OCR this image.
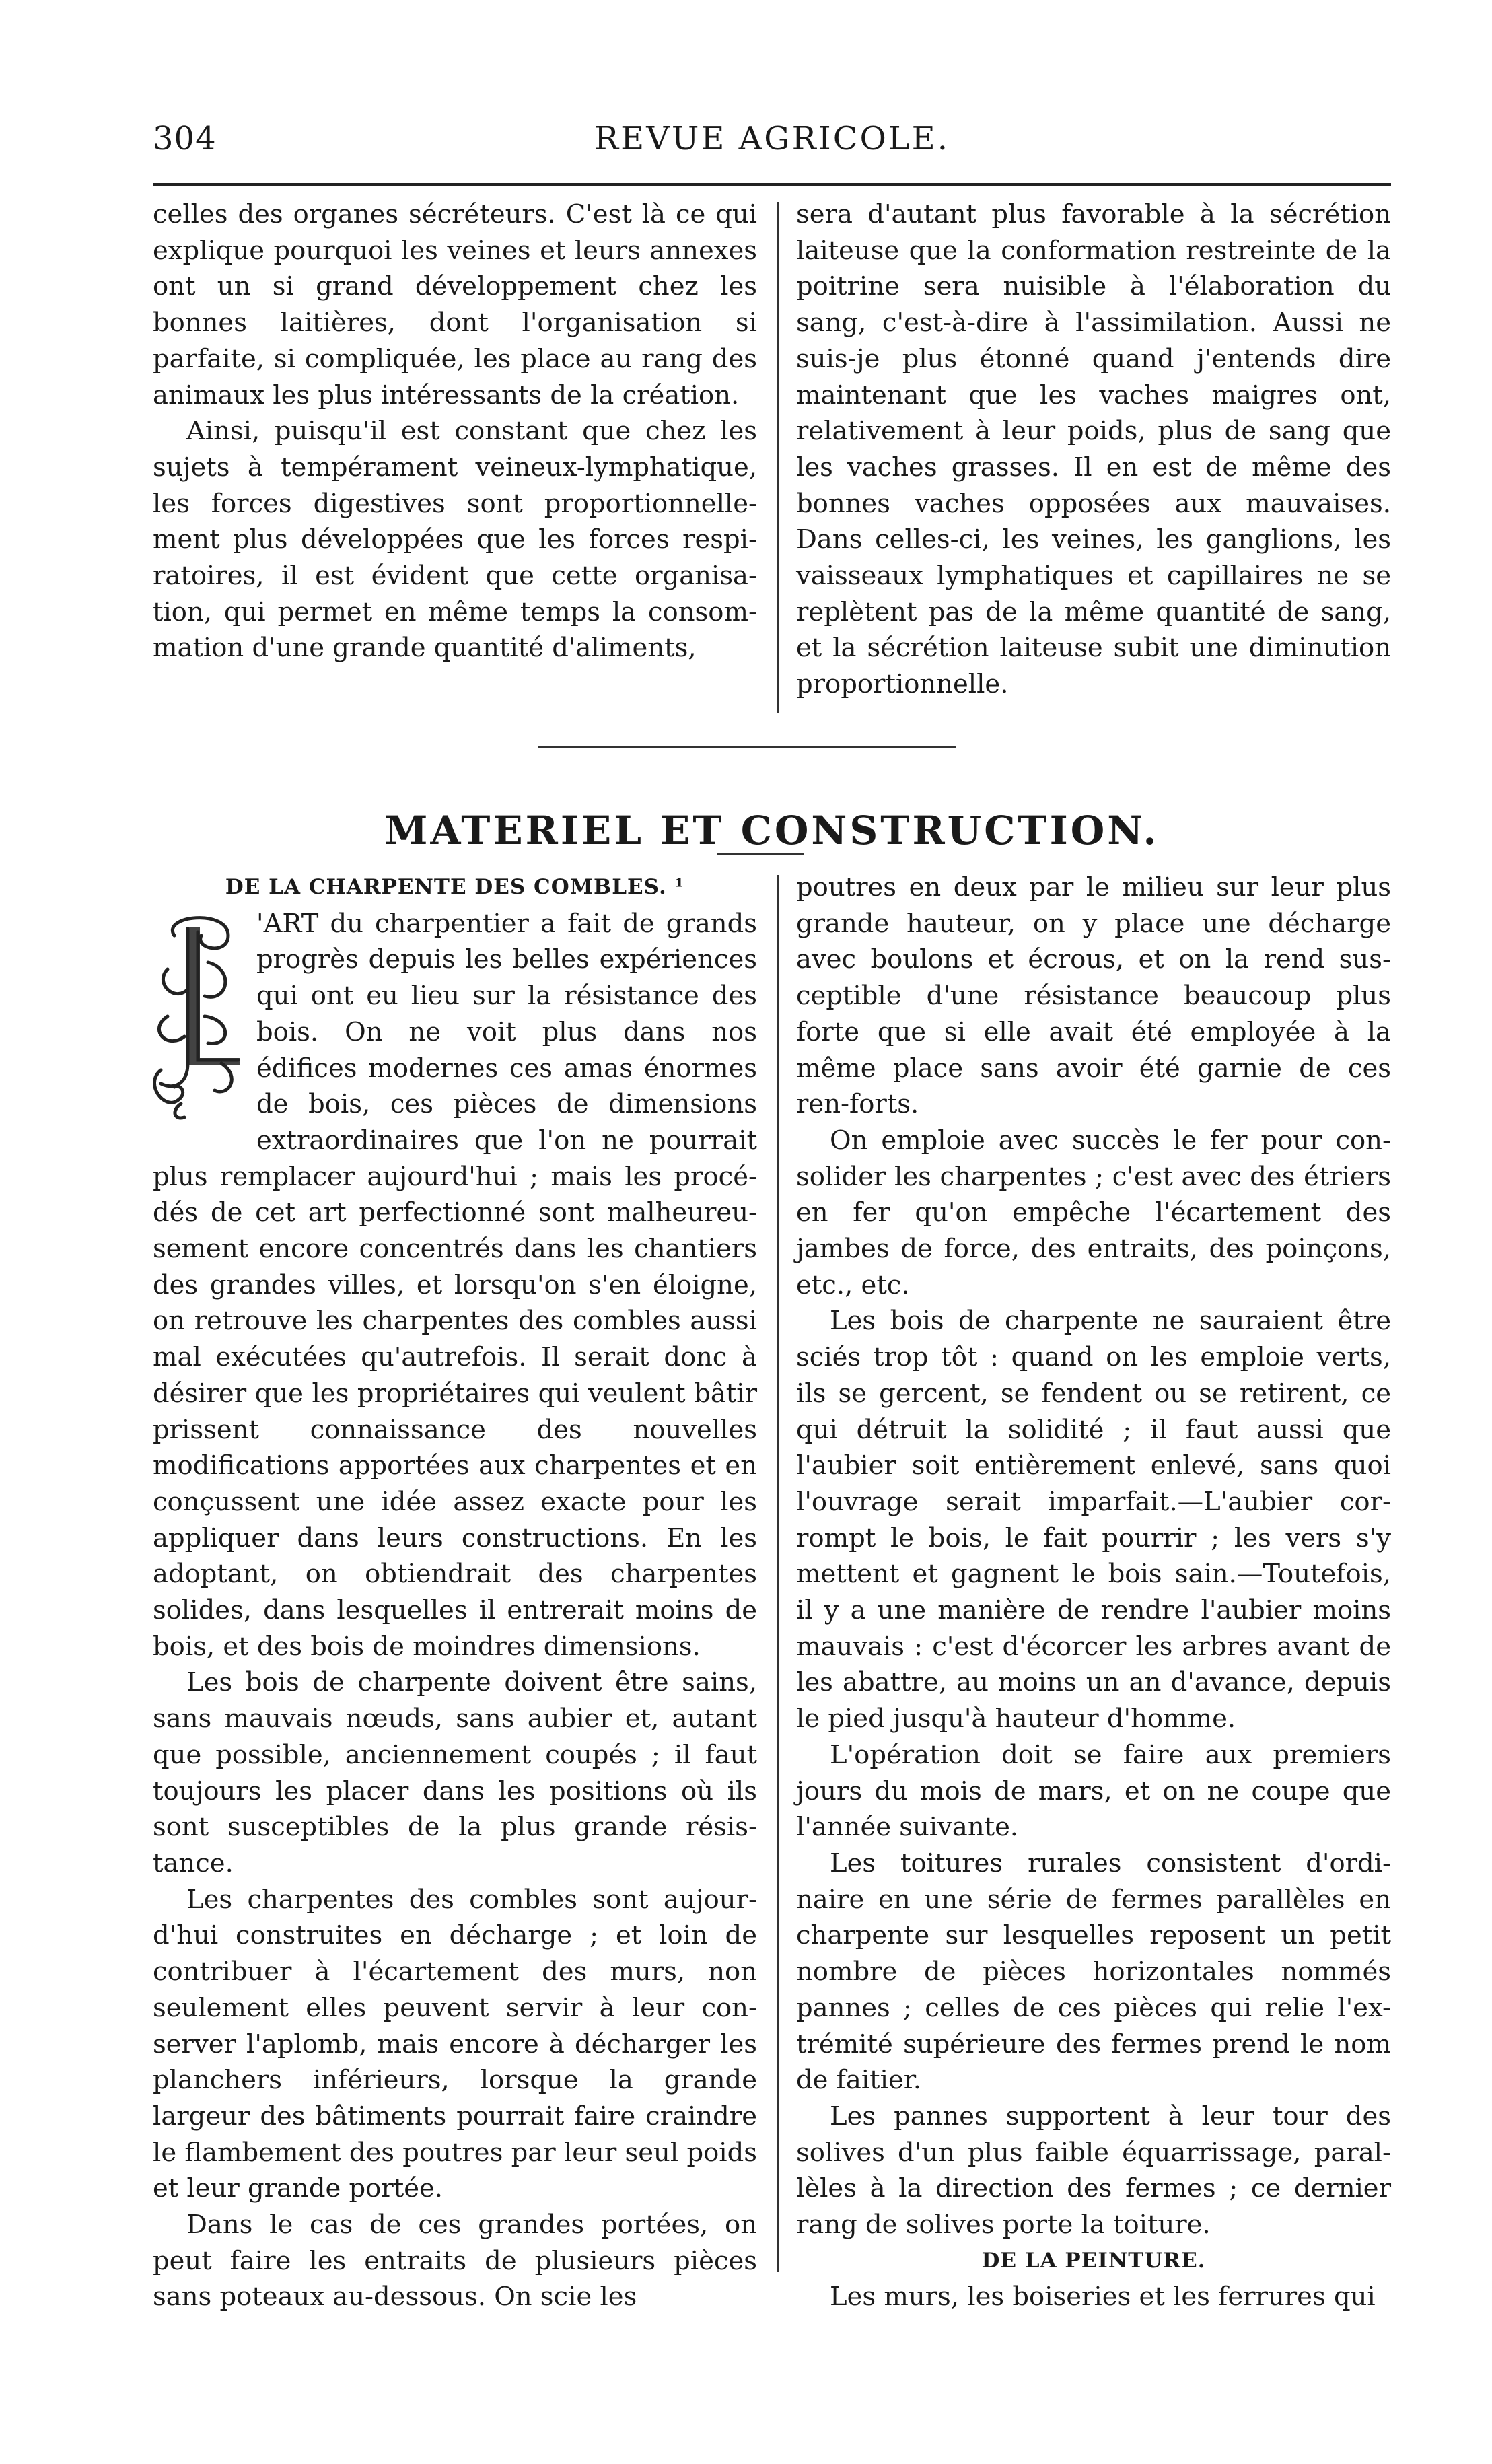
304	REVUE AGRICOLE.

celles des organes sécréteurs. C'est là ce qui explique pourquoi les veines et leurs annexes ont un si grand développement chez les bonnes laitières, dont l'organisation si parfaite, si compliquée, les place au rang des animaux les plus intéressants de la création.

Ainsi, puisqu'il est constant que chez les sujets à tempérament veineux-lymphatique, les forces digestives sont proportionnelle-ment plus développées que les forces respi-ratoires, il est évident que cette organisa-tion, qui permet en même temps la consom-mation d'une grande quantité d'aliments,

sera d'autant plus favorable à la sécrétion laiteuse que la conformation restreinte de la poitrine sera nuisible à l'élaboration du sang, c'est-à-dire à l'assimilation. Aussi ne suis-je plus étonné quand j'entends dire maintenant que les vaches maigres ont, relativement à leur poids, plus de sang que les vaches grasses. Il en est de même des bonnes vaches opposées aux mauvaises. Dans celles-ci, les veines, les ganglions, les vaisseaux lymphatiques et capillaires ne se replètent pas de la même quantité de sang, et la sécrétion laiteuse subit une diminution proportionnelle.

MATERIEL ET CONSTRUCTION.

DE LA CHARPENTE DES COMBLES. ¹

'ART du charpentier a fait de grands progrès depuis les belles expériences qui ont eu lieu sur la résistance des bois. On ne voit plus dans nos édifices modernes ces amas énormes de bois, ces pièces de dimensions extraordinaires que l'on ne pourrait plus remplacer aujourd'hui ; mais les procé-dés de cet art perfectionné sont malheureu-sement encore concentrés dans les chantiers des grandes villes, et lorsqu'on s'en éloigne, on retrouve les charpentes des combles aussi mal exécutées qu'autrefois. Il serait donc à désirer que les propriétaires qui veulent bâtir prissent connaissance des nouvelles modifications apportées aux charpentes et en conçussent une idée assez exacte pour les appliquer dans leurs constructions. En les adoptant, on obtiendrait des charpentes solides, dans lesquelles il entrerait moins de bois, et des bois de moindres dimensions.

Les bois de charpente doivent être sains, sans mauvais nœuds, sans aubier et, autant que possible, anciennement coupés ; il faut toujours les placer dans les positions où ils sont susceptibles de la plus grande résis-tance.

Les charpentes des combles sont aujour-d'hui construites en décharge ; et loin de contribuer à l'écartement des murs, non seulement elles peuvent servir à leur con-server l'aplomb, mais encore à décharger les planchers inférieurs, lorsque la grande largeur des bâtiments pourrait faire craindre le flambement des poutres par leur seul poids et leur grande portée.

Dans le cas de ces grandes portées, on peut faire les entraits de plusieurs pièces sans poteaux au-dessous. On scie les

poutres en deux par le milieu sur leur plus grande hauteur, on y place une décharge avec boulons et écrous, et on la rend sus-ceptible d'une résistance beaucoup plus forte que si elle avait été employée à la même place sans avoir été garnie de ces ren-forts.

On emploie avec succès le fer pour con-solider les charpentes ; c'est avec des étriers en fer qu'on empêche l'écartement des jambes de force, des entraits, des poinçons, etc., etc.

Les bois de charpente ne sauraient être sciés trop tôt : quand on les emploie verts, ils se gercent, se fendent ou se retirent, ce qui détruit la solidité ; il faut aussi que l'aubier soit entièrement enlevé, sans quoi l'ouvrage serait imparfait.—L'aubier cor-rompt le bois, le fait pourrir ; les vers s'y mettent et gagnent le bois sain.—Toutefois, il y a une manière de rendre l'aubier moins mauvais : c'est d'écorcer les arbres avant de les abattre, au moins un an d'avance, depuis le pied jusqu'à hauteur d'homme.

L'opération doit se faire aux premiers jours du mois de mars, et on ne coupe que l'année suivante.

Les toitures rurales consistent d'ordi-naire en une série de fermes parallèles en charpente sur lesquelles reposent un petit nombre de pièces horizontales nommés pannes ; celles de ces pièces qui relie l'ex-trémité supérieure des fermes prend le nom de faitier.

Les pannes supportent à leur tour des solives d'un plus faible équarrissage, paral-lèles à la direction des fermes ; ce dernier rang de solives porte la toiture.

DE LA PEINTURE.

Les murs, les boiseries et les ferrures qui
